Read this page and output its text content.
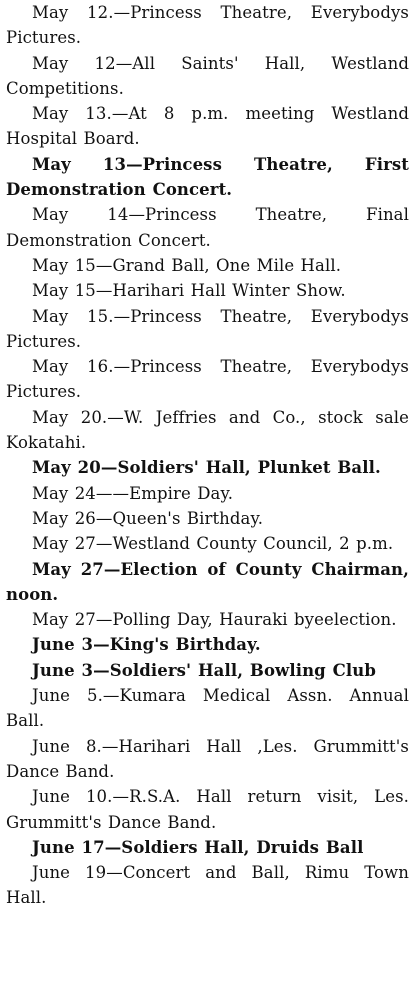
May 12.—Princess Theatre, Everybodys Pictures.

May 12—All Saints' Hall, Westland Competitions.

May 13.—At 8 p.m. meeting Westland Hospital Board.

May 13—Princess Theatre, First Demonstration Concert.

May 14—Princess Theatre, Final Demonstration Concert.

May 15—Grand Ball, One Mile Hall.

May 15—Harihari Hall Winter Show.

May 15.—Princess Theatre, Everybodys Pictures.

May 16.—Princess Theatre, Everybodys Pictures.

May 20.—W. Jeffries and Co., stock sale Kokatahi.

May 20—Soldiers' Hall, Plunket Ball.

May 24——Empire Day.

May 26—Queen's Birthday.

May 27—Westland County Council, 2 p.m.

May 27—Election of County Chairman, noon.

May 27—Polling Day, Hauraki byeelection.

June 3—King's Birthday.

June 3—Soldiers' Hall, Bowling Club

June 5.—Kumara Medical Assn. Annual Ball.

June 8.—Harihari Hall ,Les. Grummitt's Dance Band.

June 10.—R.S.A. Hall return visit, Les. Grummitt's Dance Band.

June 17—Soldiers Hall, Druids Ball

June 19—Concert and Ball, Rimu Town Hall.
